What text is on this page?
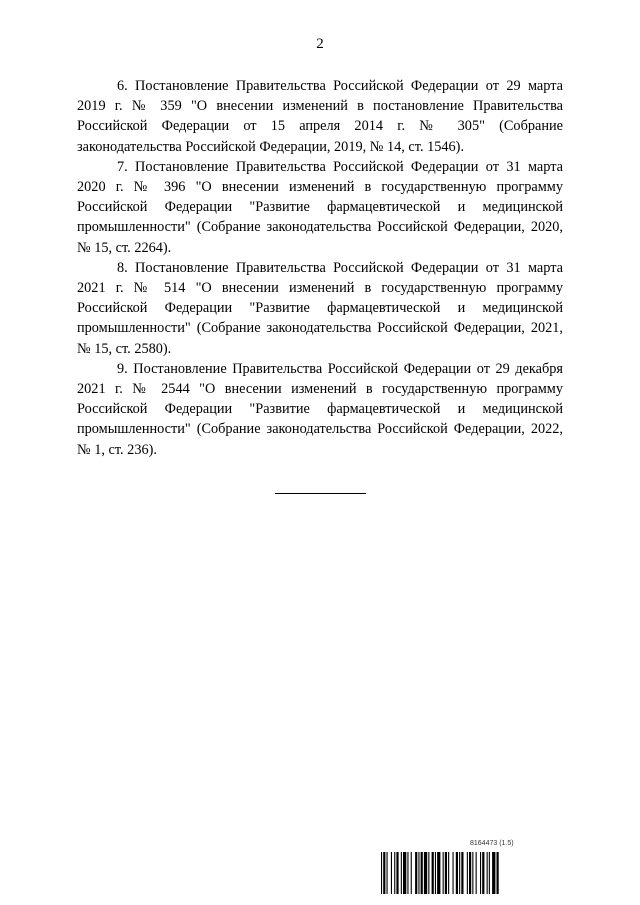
2

6. Постановление Правительства Российской Федерации от 29 марта 2019 г. № 359 "О внесении изменений в постановление Правительства Российской Федерации от 15 апреля 2014 г. № 305" (Собрание законодательства Российской Федерации, 2019, № 14, ст. 1546).

7. Постановление Правительства Российской Федерации от 31 марта 2020 г. № 396 "О внесении изменений в государственную программу Российской Федерации "Развитие фармацевтической и медицинской промышленности" (Собрание законодательства Российской Федерации, 2020, № 15, ст. 2264).

8. Постановление Правительства Российской Федерации от 31 марта 2021 г. № 514 "О внесении изменений в государственную программу Российской Федерации "Развитие фармацевтической и медицинской промышленности" (Собрание законодательства Российской Федерации, 2021, № 15, ст. 2580).

9. Постановление Правительства Российской Федерации от 29 декабря 2021 г. № 2544 "О внесении изменений в государственную программу Российской Федерации "Развитие фармацевтической и медицинской промышленности" (Собрание законодательства Российской Федерации, 2022, № 1, ст. 236).

8164473 (1.5)
